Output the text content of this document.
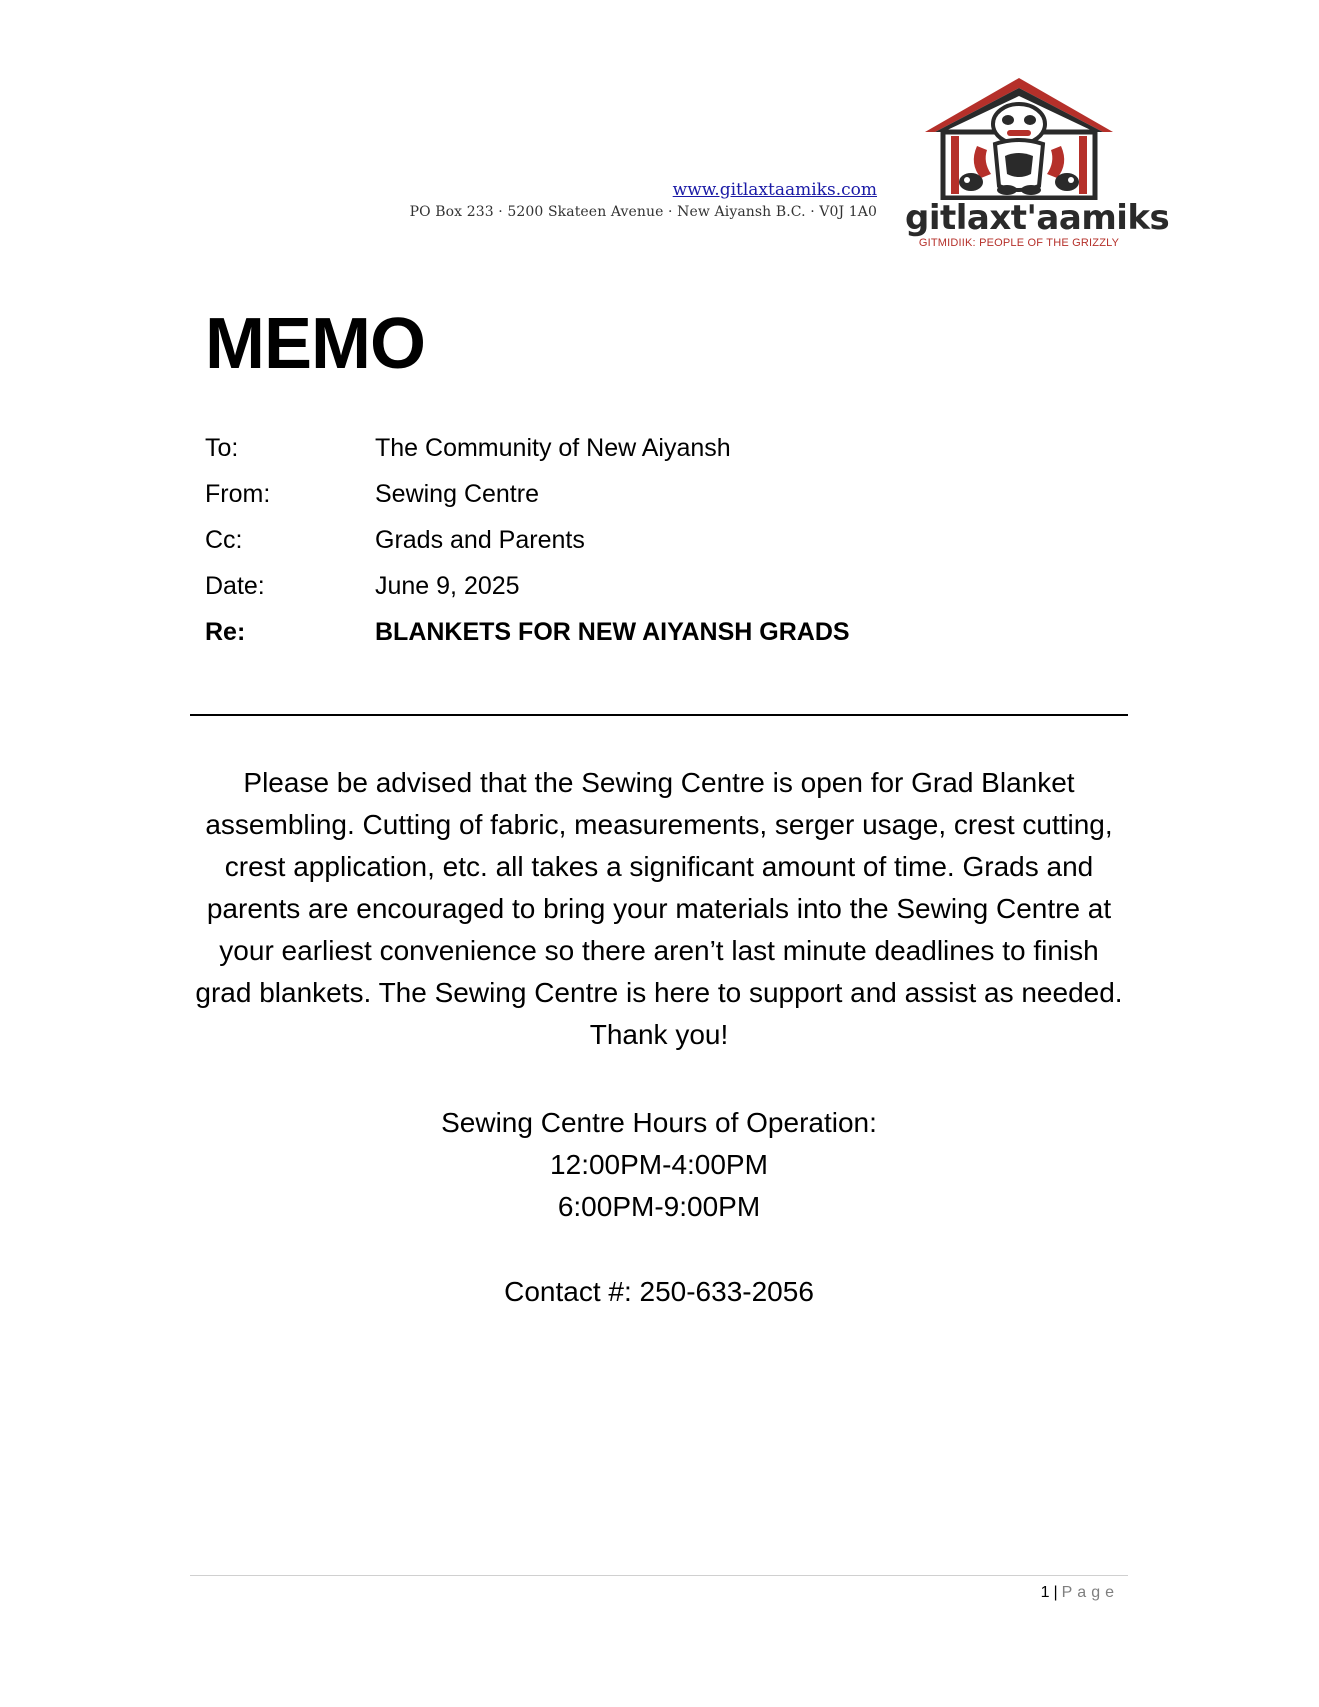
www.gitlaxtaamiks.com
PO Box 233 · 5200 Skateen Avenue · New Aiyansh B.C. · V0J 1A0 gitlaxt'aamiks
GITMIDIIK: PEOPLE OF THE GRIZZLY
MEMO
To:	The Community of New Aiyansh
From:	Sewing Centre
Cc:	Grads and Parents
Date:	June 9, 2025
Re:	BLANKETS FOR NEW AIYANSH GRADS

Please be advised that the Sewing Centre is open for Grad Blanket assembling. Cutting of fabric, measurements, serger usage, crest cutting, crest application, etc. all takes a significant amount of time. Grads and parents are encouraged to bring your materials into the Sewing Centre at your earliest convenience so there aren’t last minute deadlines to finish grad blankets. The Sewing Centre is here to support and assist as needed. Thank you!

Sewing Centre Hours of Operation:
12:00PM-4:00PM
6:00PM-9:00PM
Contact #: 250-633-2056
1 | Page
